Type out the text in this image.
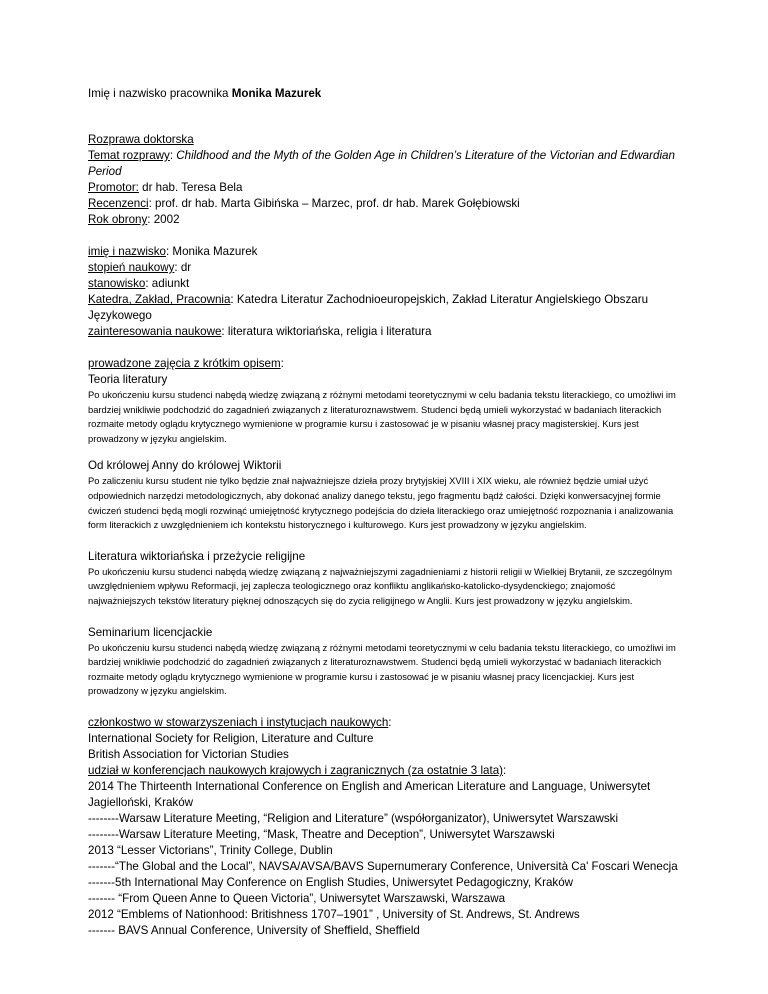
Imię i nazwisko pracownika Monika Mazurek

Rozprawa doktorska

Temat rozprawy: Childhood and the Myth of the Golden Age in Children’s Literature of the Victorian and Edwardian Period

Promotor: dr hab. Teresa Bela

Recenzenci: prof. dr hab. Marta Gibińska – Marzec, prof. dr hab. Marek Gołębiowski

Rok obrony: 2002

imię i nazwisko: Monika Mazurek

stopień naukowy: dr

stanowisko: adiunkt

Katedra, Zakład, Pracownia: Katedra Literatur Zachodnioeuropejskich, Zakład Literatur Angielskiego Obszaru Językowego

zainteresowania naukowe: literatura wiktoriańska, religia i literatura

prowadzone zajęcia z krótkim opisem:

Teoria literatury

Po ukończeniu kursu studenci nabędą wiedzę związaną z różnymi metodami teoretycznymi w celu badania tekstu literackiego, co umożliwi im bardziej wnikliwie podchodzić do zagadnień związanych z literaturoznawstwem. Studenci będą umieli wykorzystać w badaniach literackich rozmaite metody oglądu krytycznego wymienione w programie kursu i zastosować je w pisaniu własnej pracy magisterskiej. Kurs jest prowadzony w języku angielskim.

Od królowej Anny do królowej Wiktorii

Po zaliczeniu kursu student nie tylko będzie znał najważniejsze dzieła prozy brytyjskiej XVIII i XIX wieku, ale również będzie umiał użyć odpowiednich narzędzi metodologicznych, aby dokonać analizy danego tekstu, jego fragmentu bądź całości. Dzięki konwersacyjnej formie ćwiczeń studenci będą mogli rozwinąć umiejętność krytycznego podejścia do dzieła literackiego oraz umiejętność rozpoznania i analizowania form literackich z uwzględnieniem ich kontekstu historycznego i kulturowego. Kurs jest prowadzony w języku angielskim.

Literatura wiktoriańska i przeżycie religijne

Po ukończeniu kursu studenci nabędą wiedzę związaną z najważniejszymi zagadnieniami z historii religii w Wielkiej Brytanii, ze szczególnym uwzględnieniem wpływu Reformacji, jej zaplecza teologicznego oraz konfliktu anglikańsko-katolicko-dysydenckiego; znajomość najważniejszych tekstów literatury pięknej odnoszących się do zycia religijnego w Anglii. Kurs jest prowadzony w języku angielskim.

Seminarium licencjackie

Po ukończeniu kursu studenci nabędą wiedzę związaną z różnymi metodami teoretycznymi w celu badania tekstu literackiego, co umożliwi im bardziej wnikliwie podchodzić do zagadnień związanych z literaturoznawstwem. Studenci będą umieli wykorzystać w badaniach literackich rozmaite metody oglądu krytycznego wymienione w programie kursu i zastosować je w pisaniu własnej pracy licencjackiej. Kurs jest prowadzony w języku angielskim.

członkostwo w stowarzyszeniach i instytucjach naukowych:

International Society for Religion, Literature and Culture

British Association for Victorian Studies

udział w konferencjach naukowych krajowych i zagranicznych (za ostatnie 3 lata):

2014 The Thirteenth International Conference on English and American Literature and Language, Uniwersytet Jagielloński, Kraków

--------Warsaw Literature Meeting, “Religion and Literature” (współorganizator), Uniwersytet Warszawski

--------Warsaw Literature Meeting, “Mask, Theatre and Deception”, Uniwersytet Warszawski

2013 “Lesser Victorians”, Trinity College, Dublin

-------“The Global and the Local”, NAVSA/AVSA/BAVS Supernumerary Conference, Università Ca' Foscari Wenecja

-------5th International May Conference on English Studies, Uniwersytet Pedagogiczny, Kraków

------- “From Queen Anne to Queen Victoria”, Uniwersytet Warszawski, Warszawa

2012 “Emblems of Nationhood: Britishness 1707–1901” , University of St. Andrews, St. Andrews

------- BAVS Annual Conference, University of Sheffield, Sheffield
